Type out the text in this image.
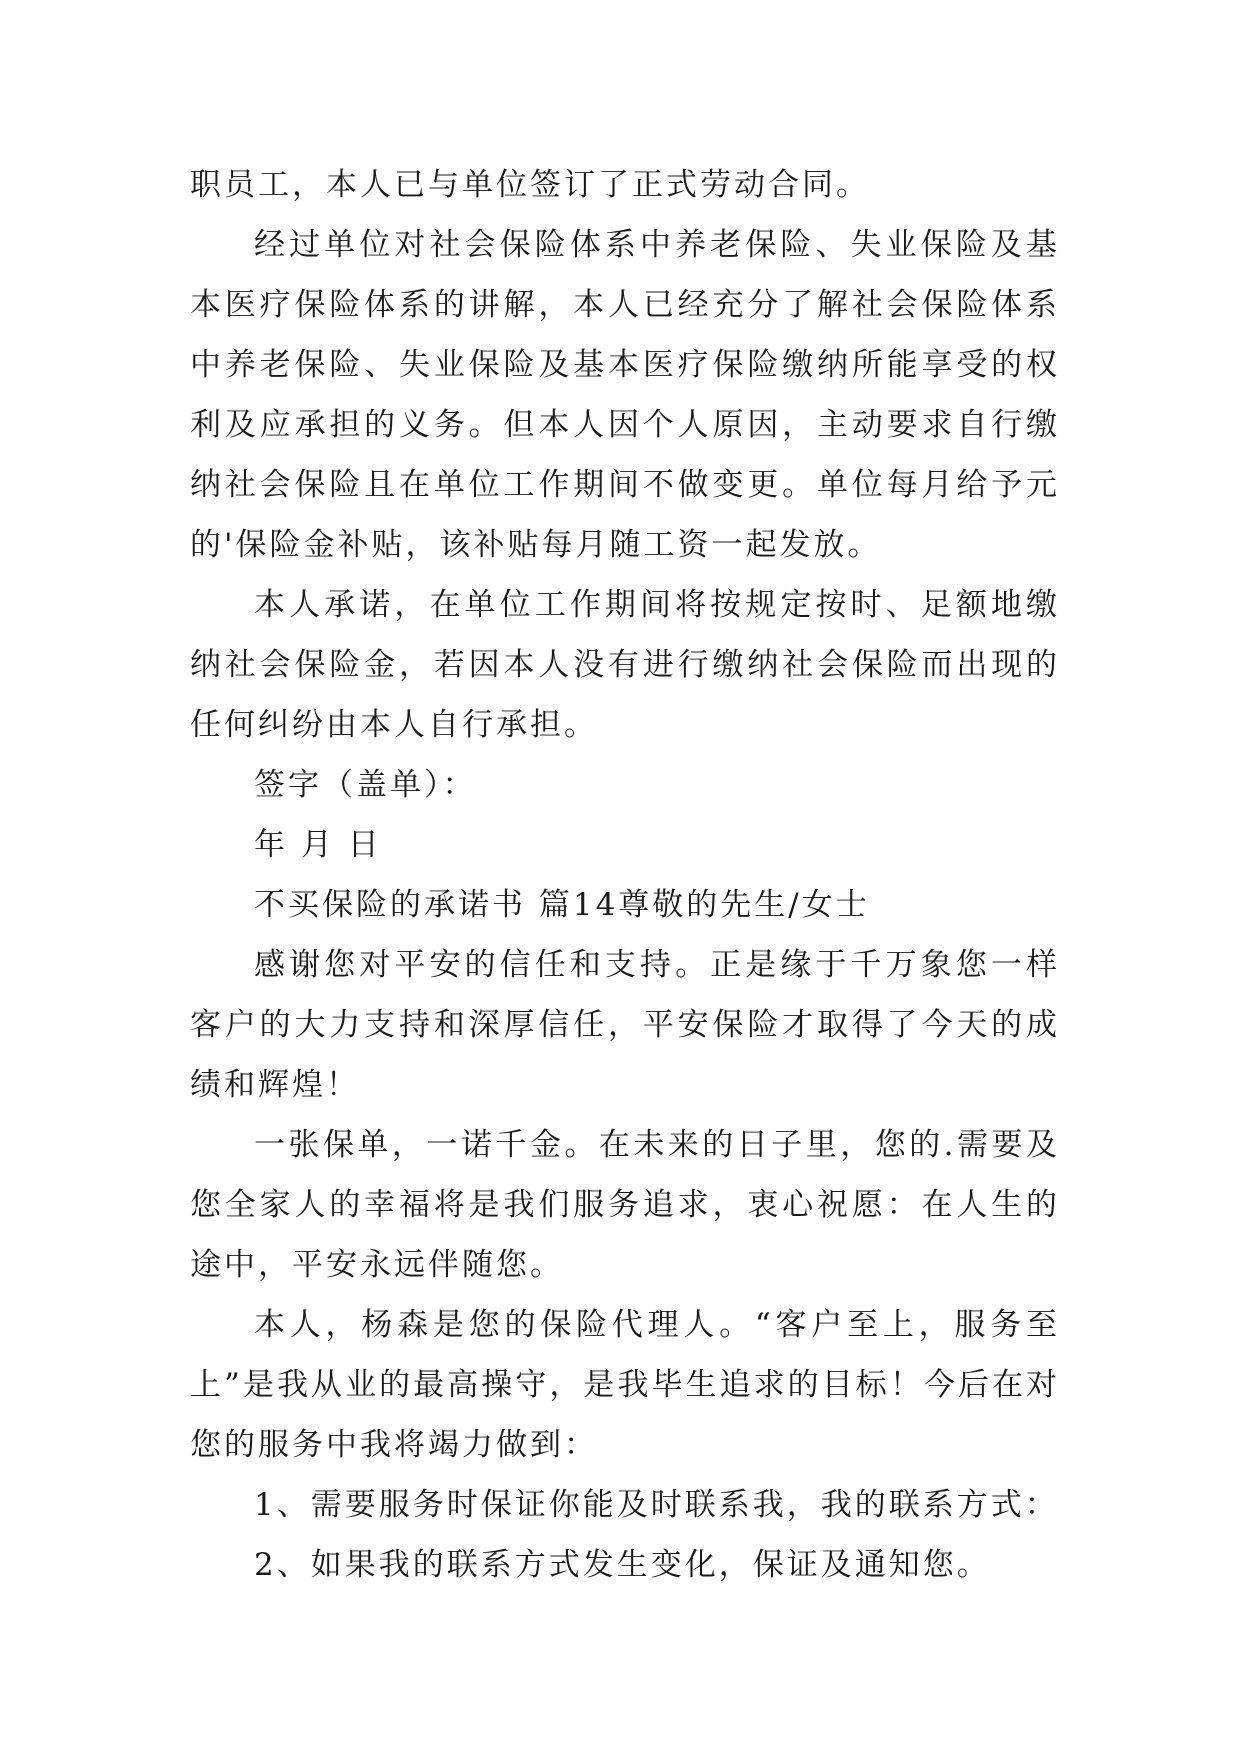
职员工，本人已与单位签订了正式劳动合同。

经过单位对社会保险体系中养老保险、失业保险及基本医疗保险体系的讲解，本人已经充分了解社会保险体系中养老保险、失业保险及基本医疗保险缴纳所能享受的权利及应承担的义务。但本人因个人原因，主动要求自行缴纳社会保险且在单位工作期间不做变更。单位每月给予元的'保险金补贴，该补贴每月随工资一起发放。

本人承诺，在单位工作期间将按规定按时、足额地缴纳社会保险金，若因本人没有进行缴纳社会保险而出现的任何纠纷由本人自行承担。

签字（盖单）：

年 月 日

不买保险的承诺书 篇14尊敬的先生/女士

感谢您对平安的信任和支持。正是缘于千万象您一样客户的大力支持和深厚信任，平安保险才取得了今天的成绩和辉煌！

一张保单，一诺千金。在未来的日子里，您的.需要及您全家人的幸福将是我们服务追求，衷心祝愿：在人生的途中，平安永远伴随您。

本人，杨森是您的保险代理人。“客户至上，服务至上”是我从业的最高操守，是我毕生追求的目标！今后在对您的服务中我将竭力做到：

1、需要服务时保证你能及时联系我，我的联系方式：

2、如果我的联系方式发生变化，保证及通知您。
